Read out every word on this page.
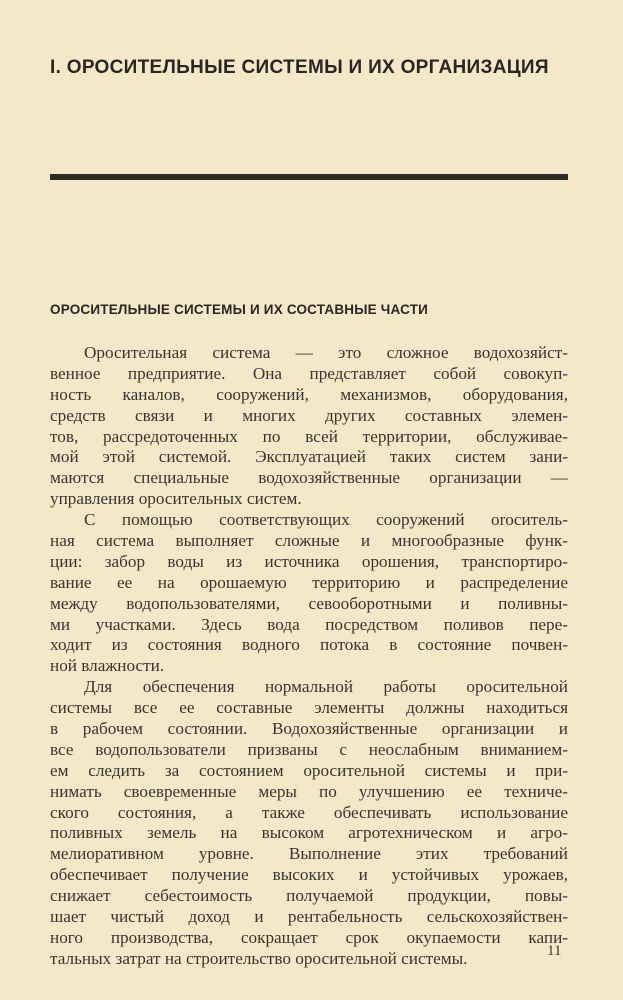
I. ОРОСИТЕЛЬНЫЕ СИСТЕМЫ И ИХ ОРГАНИЗАЦИЯ
ОРОСИТЕЛЬНЫЕ СИСТЕМЫ И ИХ СОСТАВНЫЕ ЧАСТИ
Оросительная система — это сложное водохозяйст-
венное предприятие. Она представляет собой совокуп-
ность каналов, сооружений, механизмов, оборудования,
средств связи и многих других составных элемен-
тов, рассредоточенных по всей территории, обслуживае-
мой этой системой. Эксплуатацией таких систем зани-
маются специальные водохозяйственные организации —
управления оросительных систем.
С помощью соответствующих сооружений оroситель-
ная система выполняет сложные и многообразные функ-
ции: забор воды из источника орошения, транспортиро-
вание ее на орошаемую территорию и распределение
между водопользователями, севооборотными и поливны-
ми участками. Здесь вода посредством поливов пере-
ходит из состояния водного потока в состояние почвен-
ной влажности.
Для обеспечения нормальной работы оросительной
системы все ее составные элементы должны находиться
в рабочем состоянии. Водохозяйственные организации и
все водопользователи призваны с неослабным вниманием-
ем следить за состоянием оросительной системы и при-
нимать своевременные меры по улучшению ее техниче-
ского состояния, а также обеспечивать использование
поливных земель на высоком агротехническом и агро-
мелиоративном уровне. Выполнение этих требований
обеспечивает получение высоких и устойчивых урожаев,
снижает себестоимость получаемой продукции, повы-
шает чистый доход и рентабельность сельскохозяйствен-
ного производства, сокращает срок окупаемости капи-
тальных затрат на строительство оросительной системы.	11
